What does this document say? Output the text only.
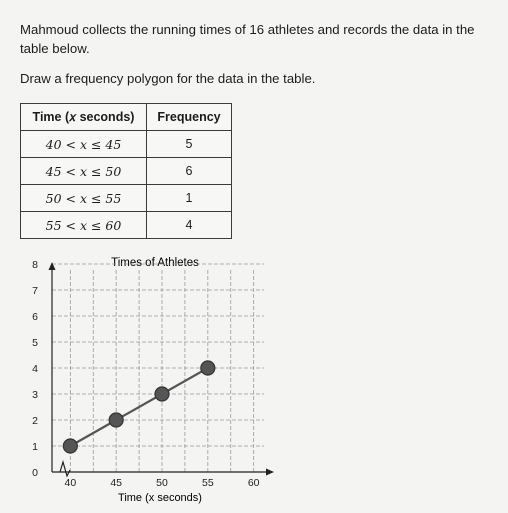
Mahmoud collects the running times of 16 athletes and records the data in the
table below.

Draw a frequency polygon for the data in the table.

Time (𝑥 seconds)	Frequency
40 < 𝑥 ≤ 45	5
45 < 𝑥 ≤ 50	6
50 < 𝑥 ≤ 55	1
55 < 𝑥 ≤ 60	4
Times of Athletes
0
1
2
3
4
5
6
7
8
40	45	50	55	60
Time (x seconds)
